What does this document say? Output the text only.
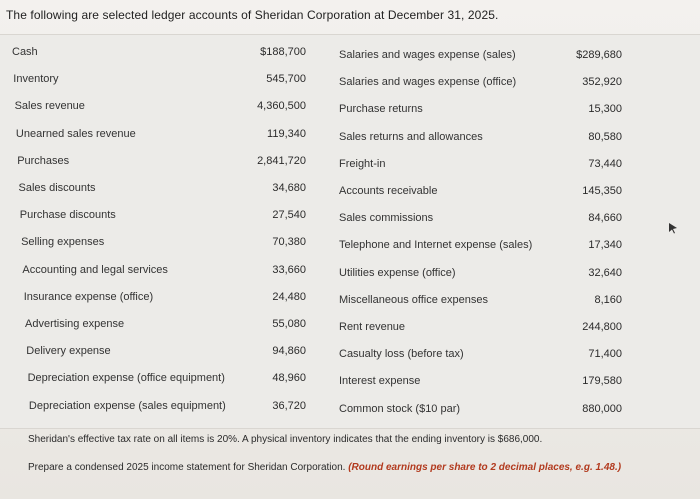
The following are selected ledger accounts of Sheridan Corporation at December 31, 2025.
Cash	$188,700
Inventory	545,700
Sales revenue	4,360,500
Unearned sales revenue	119,340
Purchases	2,841,720
Sales discounts	34,680
Purchase discounts	27,540
Selling expenses	70,380
Accounting and legal services	33,660
Insurance expense (office)	24,480
Advertising expense	55,080
Delivery expense	94,860
Depreciation expense (office equipment)	48,960
Depreciation expense (sales equipment)	36,720
Salaries and wages expense (sales)	$289,680
Salaries and wages expense (office)	352,920
Purchase returns	15,300
Sales returns and allowances	80,580
Freight-in	73,440
Accounts receivable	145,350
Sales commissions	84,660
Telephone and Internet expense (sales)	17,340
Utilities expense (office)	32,640
Miscellaneous office expenses	8,160
Rent revenue	244,800
Casualty loss (before tax)	71,400
Interest expense	179,580
Common stock ($10 par)	880,000
Sheridan's effective tax rate on all items is 20%. A physical inventory indicates that the ending inventory is $686,000.
Prepare a condensed 2025 income statement for Sheridan Corporation. (Round earnings per share to 2 decimal places, e.g. 1.48.)
